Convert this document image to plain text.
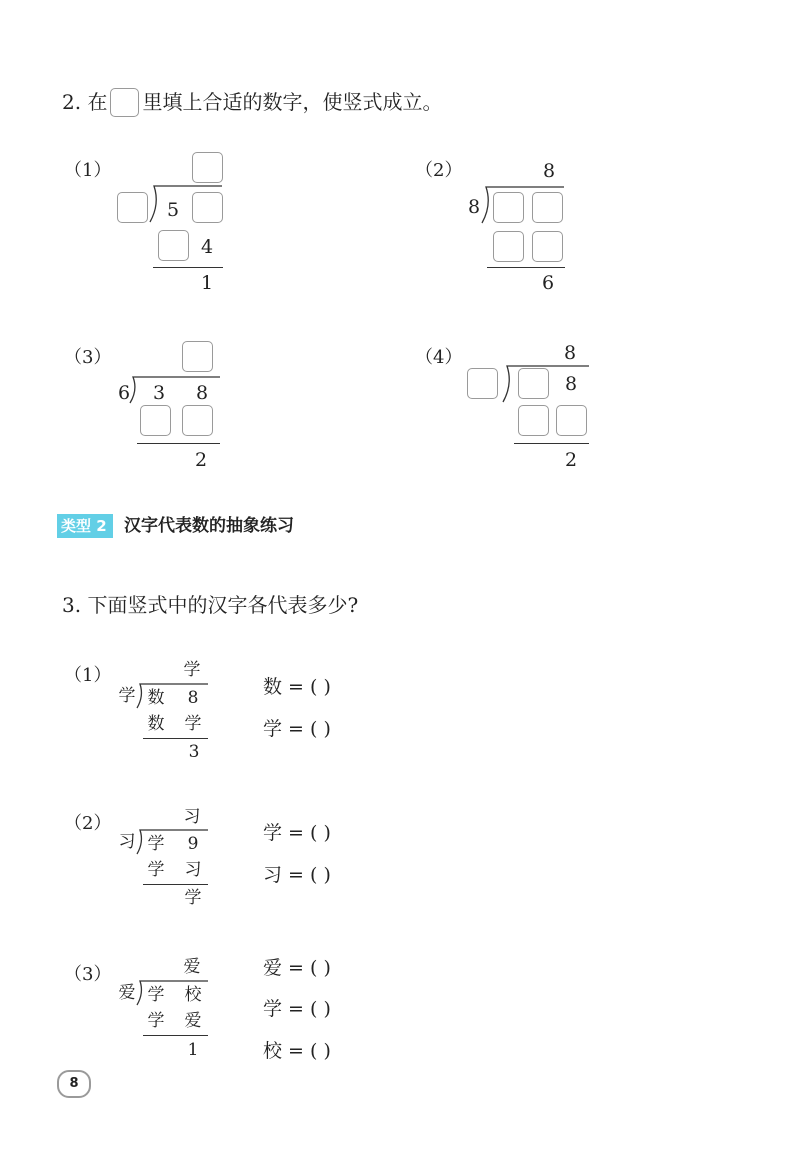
2. 在 里填上合适的数字，使竖式成立。
（1）
5
4
1
（2）	8
8
6
（3）
6	3	8
2
（4）	8
8
2
类型 2	汉字代表数的抽象练习
3. 下面竖式中的汉字各代表多少?
（1）	学
学 数	8
数 学
3
数 = ( )
学 = ( )
（2）	习
习 学	9
学 习
学
学 = ( )
习 = ( )
（3）	爱
爱 学 校
学 爱
1
爱 = ( )
学 = ( )
校 = ( )
8
